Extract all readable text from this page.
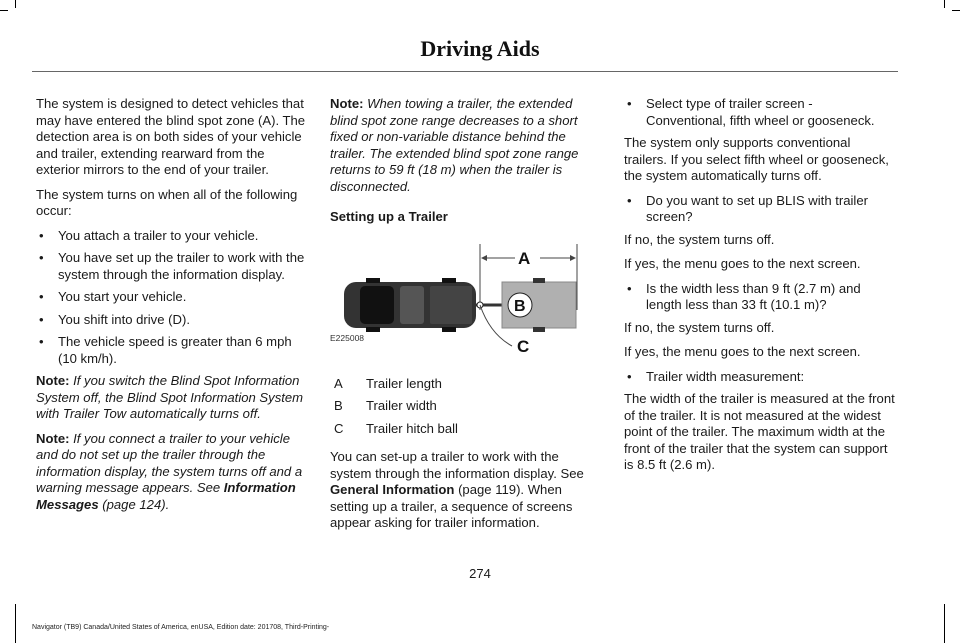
Driving Aids

The system is designed to detect vehicles that may have entered the blind spot zone (A). The detection area is on both sides of your vehicle and trailer, extending rearward from the exterior mirrors to the end of your trailer.

The system turns on when all of the following occur:

• You attach a trailer to your vehicle.
• You have set up the trailer to work with the system through the information display.
• You start your vehicle.
• You shift into drive (D).
• The vehicle speed is greater than 6 mph (10 km/h).

Note: If you switch the Blind Spot Information System off, the Blind Spot Information System with Trailer Tow automatically turns off.

Note: If you connect a trailer to your vehicle and do not set up the trailer through the information display, the system turns off and a warning message appears. See Information Messages (page 124).

Note: When towing a trailer, the extended blind spot zone range decreases to a short fixed or non-variable distance behind the trailer. The extended blind spot zone range returns to 59 ft (18 m) when the trailer is disconnected.

Setting up a Trailer

A
B
C
E225008
A	Trailer length
B	Trailer width
C	Trailer hitch ball

You can set-up a trailer to work with the system through the information display. See General Information (page 119). When setting up a trailer, a sequence of screens appear asking for trailer information.

• Select type of trailer screen - Conventional, fifth wheel or gooseneck.

The system only supports conventional trailers. If you select fifth wheel or gooseneck, the system automatically turns off.

• Do you want to set up BLIS with trailer screen?

If no, the system turns off.

If yes, the menu goes to the next screen.

• Is the width less than 9 ft (2.7 m) and length less than 33 ft (10.1 m)?

If no, the system turns off.

If yes, the menu goes to the next screen.

• Trailer width measurement:

The width of the trailer is measured at the front of the trailer. It is not measured at the widest point of the trailer. The maximum width at the front of the trailer that the system can support is 8.5 ft (2.6 m).

274
Navigator (TB9) Canada/United States of America, enUSA, Edition date: 201708, Third-Printing-
